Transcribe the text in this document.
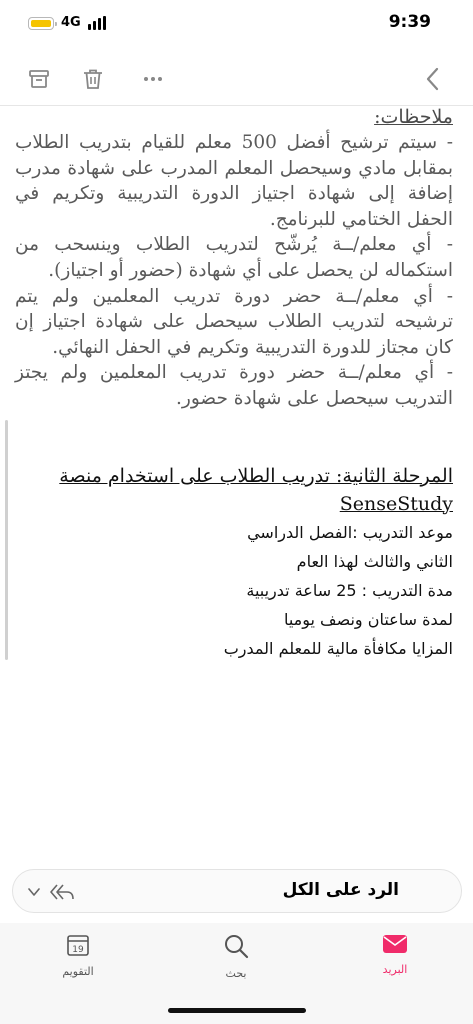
4G	9:39

ملاحظات:

- سيتم ترشيح أفضل 500 معلم للقيام بتدريب الطلاب بمقابل مادي وسيحصل المعلم المدرب على شهادة مدرب إضافة إلى شهادة اجتياز الدورة التدريبية وتكريم في الحفل الختامي للبرنامج.

- أي معلم/ــة يُرشّح لتدريب الطلاب وينسحب من استكماله لن يحصل على أي شهادة (حضور أو اجتياز).

- أي معلم/ــة حضر دورة تدريب المعلمين ولم يتم ترشيحه لتدريب الطلاب سيحصل على شهادة اجتياز إن كان مجتاز للدورة التدريبية وتكريم في الحفل النهائي.

- أي معلم/ــة حضر دورة تدريب المعلمين ولم يجتز التدريب سيحصل على شهادة حضور.

المرحلة الثانية: تدريب الطلاب على استخدام منصة SenseStudy

موعد التدريب :الفصل الدراسي

الثاني والثالث لهذا العام

مدة التدريب : 25 ساعة تدريبية

لمدة ساعتان ونصف يوميا

المزايا مكافأة مالية للمعلم المدرب

الرد على الكل
19
التقويم	بحث	البريد
